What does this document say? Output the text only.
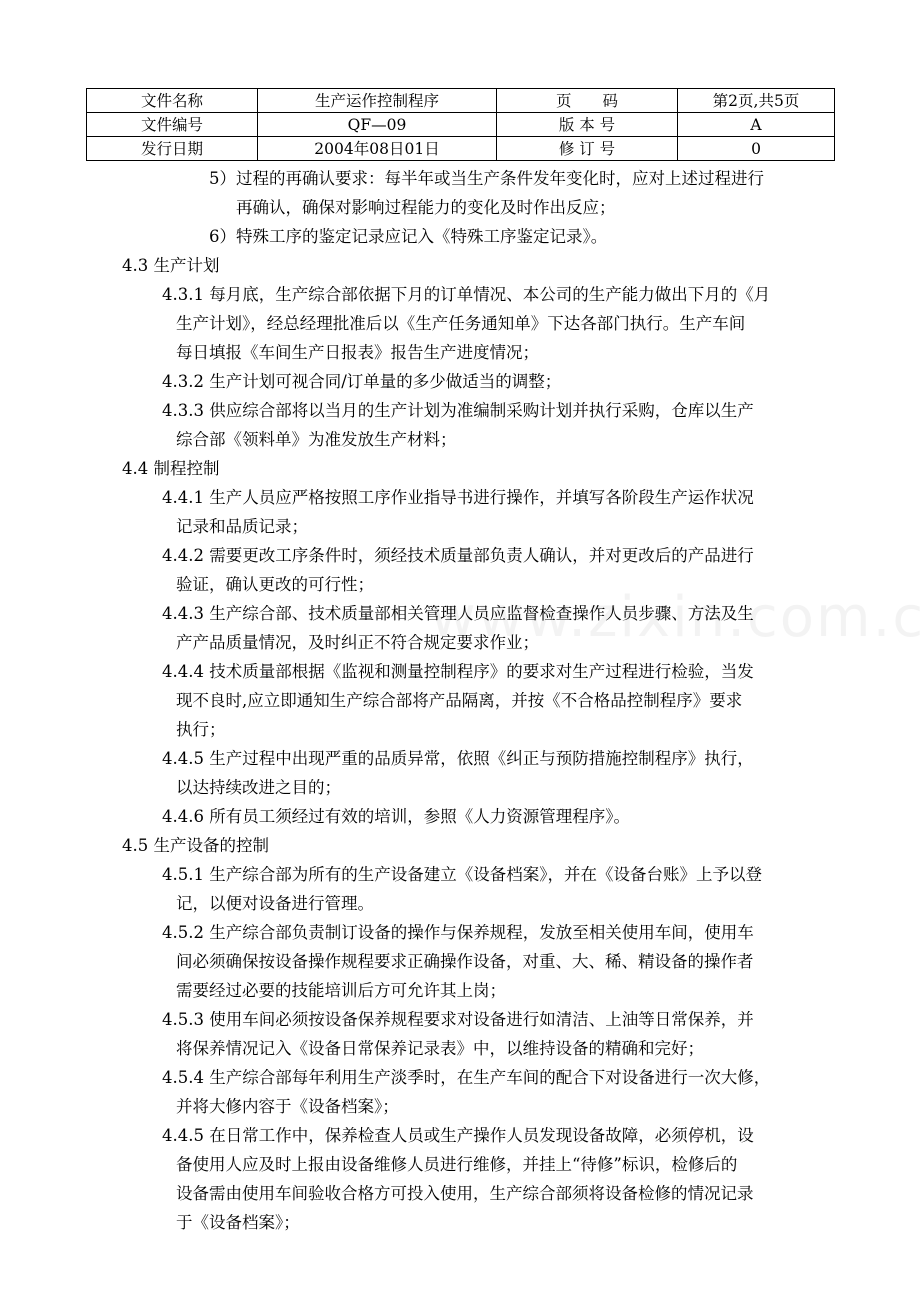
文件名称	生产运作控制程序	页　　码	第2页,共5页
文件编号	QF—09	版 本 号	A
发行日期	2004年08日01日	修 订 号	0
5）过程的再确认要求：每半年或当生产条件发年变化时，应对上述过程进行
再确认，确保对影响过程能力的变化及时作出反应；
6）特殊工序的鉴定记录应记入《特殊工序鉴定记录》。
4.3 生产计划
4.3.1 每月底，生产综合部依据下月的订单情况、本公司的生产能力做出下月的《月
生产计划》，经总经理批准后以《生产任务通知单》下达各部门执行。生产车间
每日填报《车间生产日报表》报告生产进度情况；
4.3.2 生产计划可视合同/订单量的多少做适当的调整；
4.3.3 供应综合部将以当月的生产计划为准编制采购计划并执行采购，仓库以生产
综合部《领料单》为准发放生产材料；
4.4 制程控制
4.4.1 生产人员应严格按照工序作业指导书进行操作，并填写各阶段生产运作状况
记录和品质记录；
4.4.2 需要更改工序条件时，须经技术质量部负责人确认，并对更改后的产品进行
验证，确认更改的可行性；
4.4.3 生产综合部、技术质量部相关管理人员应监督检查操作人员步骤、方法及生
产产品质量情况，及时纠正不符合规定要求作业；
4.4.4 技术质量部根据《监视和测量控制程序》的要求对生产过程进行检验，当发
现不良时,应立即通知生产综合部将产品隔离，并按《不合格品控制程序》要求
执行；
4.4.5 生产过程中出现严重的品质异常，依照《纠正与预防措施控制程序》执行，
以达持续改进之目的；
4.4.6 所有员工须经过有效的培训，参照《人力资源管理程序》。
4.5 生产设备的控制
4.5.1 生产综合部为所有的生产设备建立《设备档案》，并在《设备台账》上予以登
记，以便对设备进行管理。
4.5.2 生产综合部负责制订设备的操作与保养规程，发放至相关使用车间，使用车
间必须确保按设备操作规程要求正确操作设备，对重、大、稀、精设备的操作者
需要经过必要的技能培训后方可允许其上岗；
4.5.3 使用车间必须按设备保养规程要求对设备进行如清洁、上油等日常保养，并
将保养情况记入《设备日常保养记录表》中，以维持设备的精确和完好；
4.5.4 生产综合部每年利用生产淡季时，在生产车间的配合下对设备进行一次大修，
并将大修内容于《设备档案》；
4.4.5 在日常工作中，保养检查人员或生产操作人员发现设备故障，必须停机，设
备使用人应及时上报由设备维修人员进行维修，并挂上“待修”标识，检修后的
设备需由使用车间验收合格方可投入使用，生产综合部须将设备检修的情况记录
于《设备档案》；
